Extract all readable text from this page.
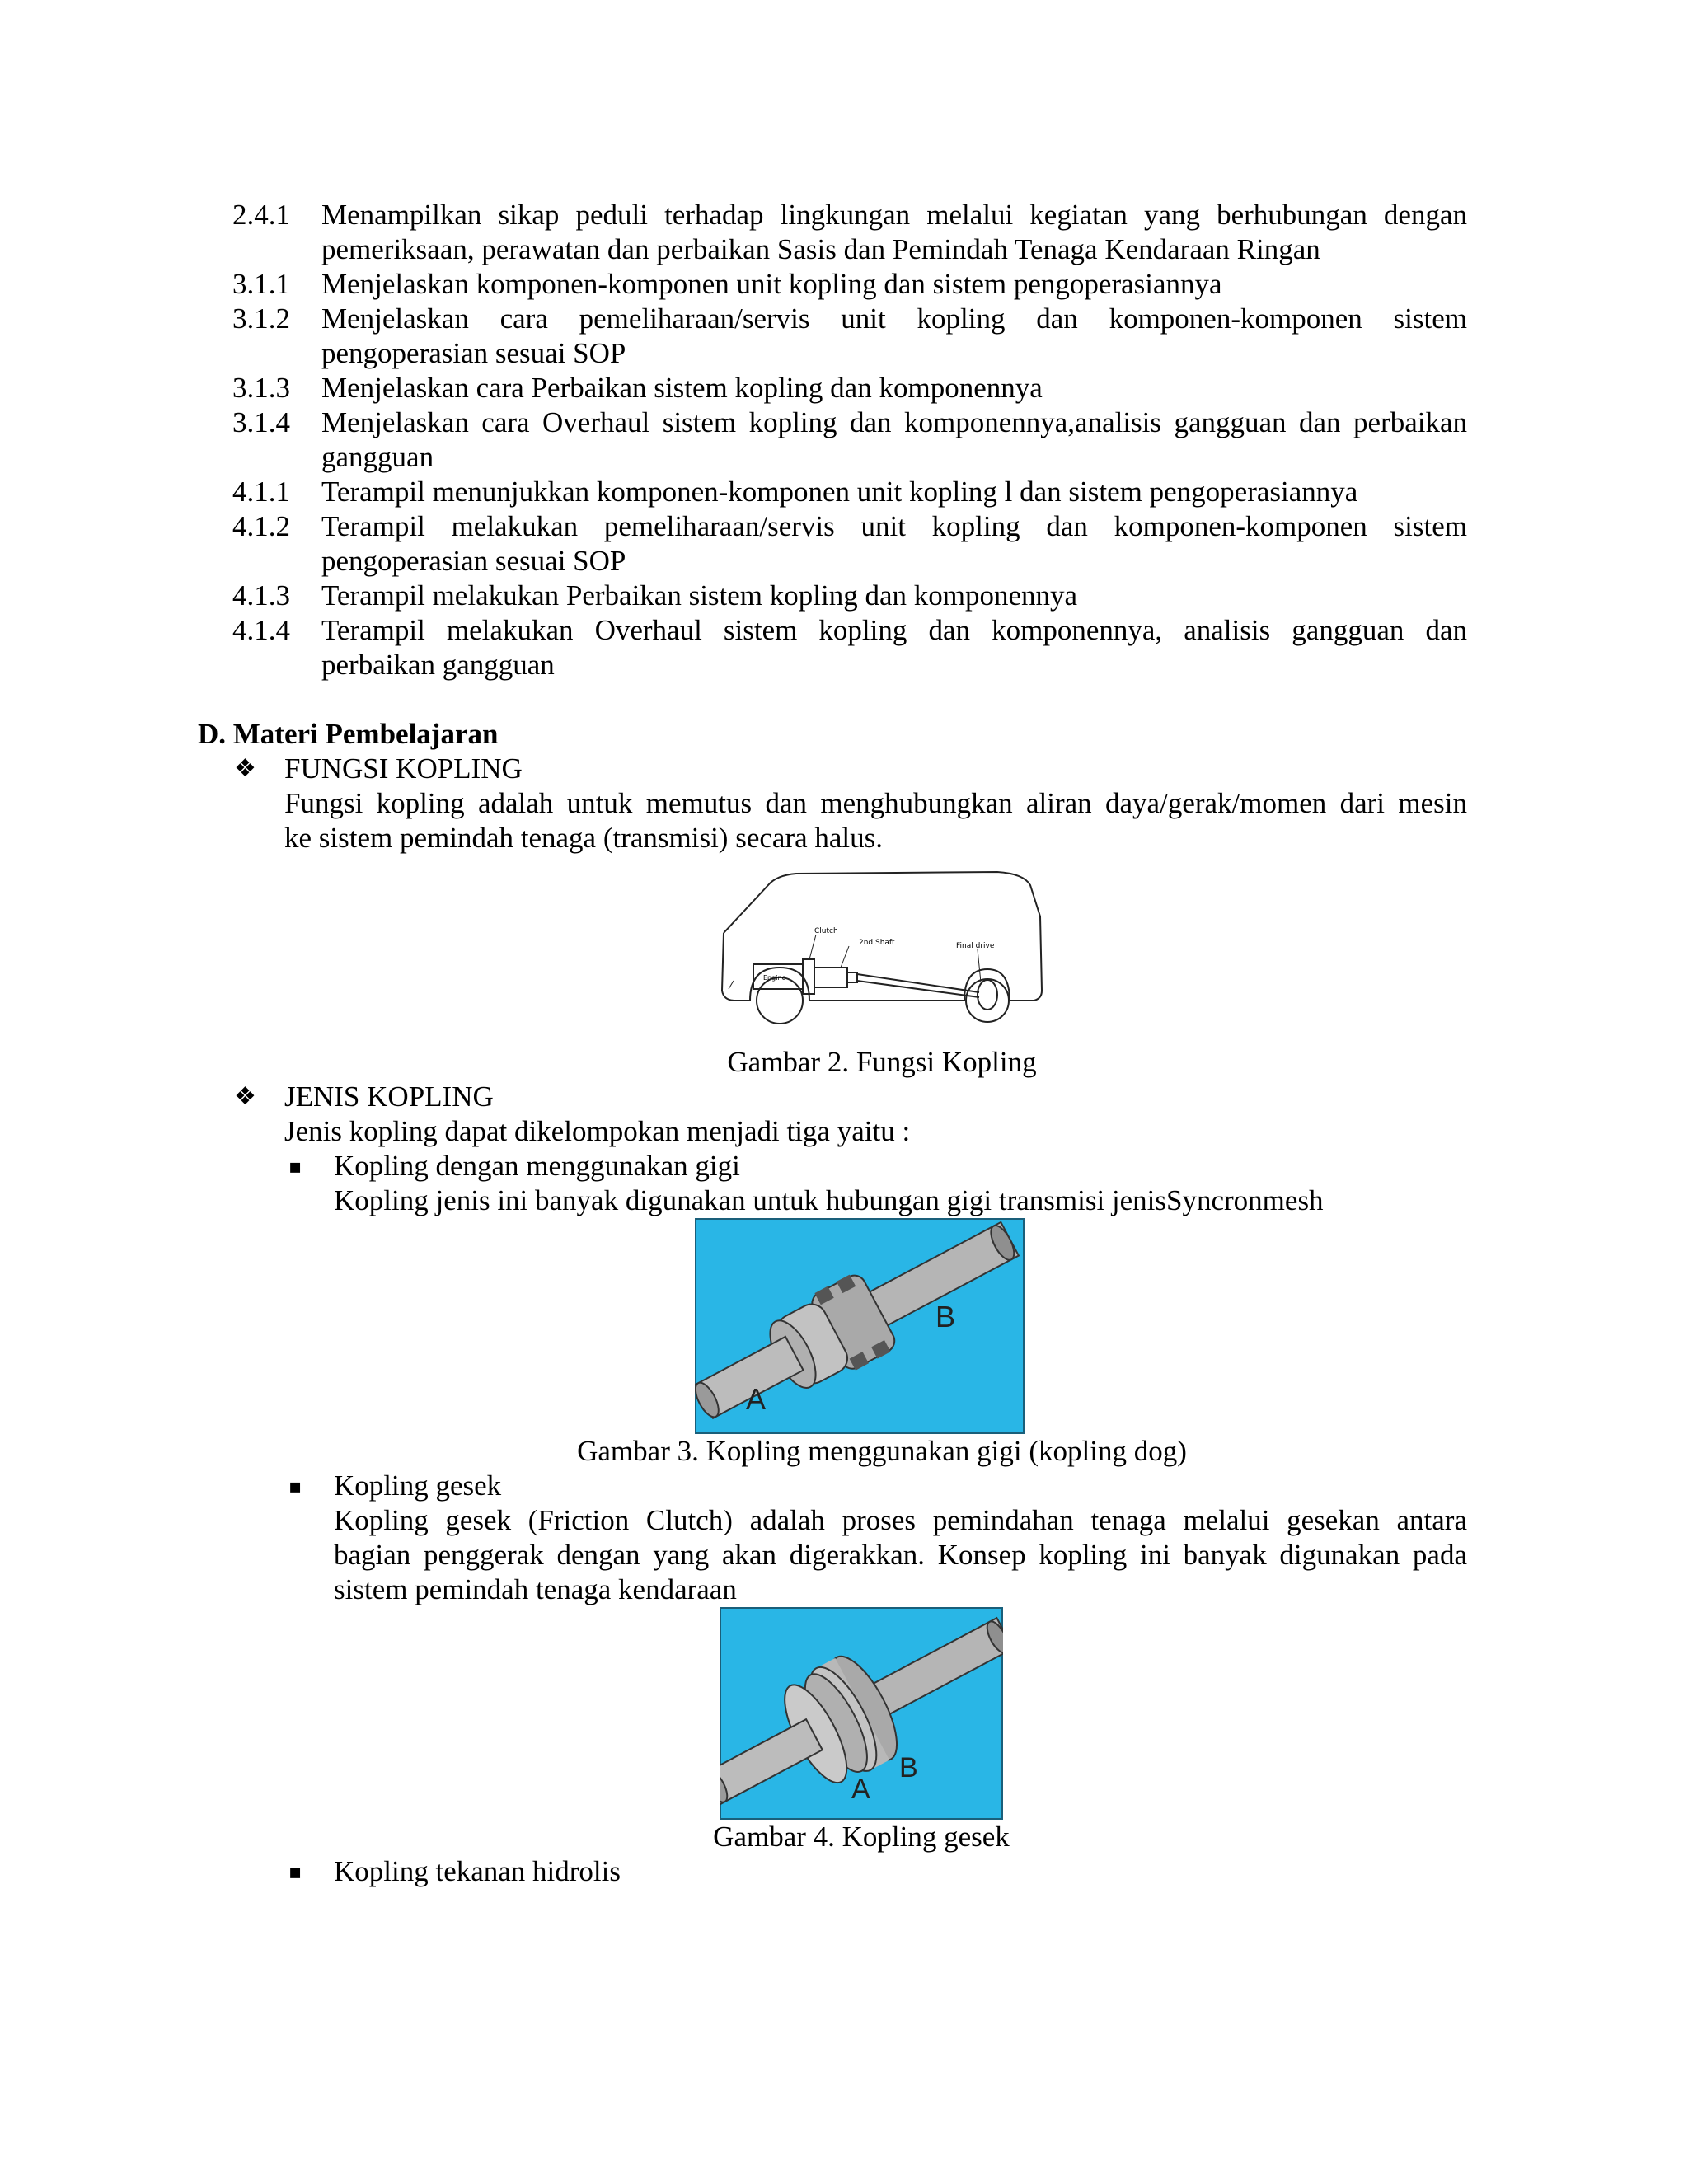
2.4.1 Menampilkan sikap peduli terhadap lingkungan melalui kegiatan yang berhubungan dengan
pemeriksaan, perawatan dan perbaikan Sasis dan Pemindah Tenaga Kendaraan Ringan
3.1.1 Menjelaskan komponen-komponen unit kopling dan sistem pengoperasiannya
3.1.2 Menjelaskan cara pemeliharaan/servis unit kopling dan komponen-komponen sistem
pengoperasian sesuai SOP
3.1.3 Menjelaskan cara Perbaikan sistem kopling dan komponennya
3.1.4 Menjelaskan cara Overhaul sistem kopling dan komponennya,analisis gangguan dan perbaikan
gangguan
4.1.1 Terampil menunjukkan komponen-komponen unit kopling l dan sistem pengoperasiannya
4.1.2 Terampil melakukan pemeliharaan/servis unit kopling dan komponen-komponen sistem
pengoperasian sesuai SOP
4.1.3 Terampil melakukan Perbaikan sistem kopling dan komponennya
4.1.4 Terampil melakukan Overhaul sistem kopling dan komponennya, analisis gangguan dan
perbaikan gangguan
D. Materi Pembelajaran
❖ FUNGSI KOPLING
Fungsi kopling adalah untuk memutus dan menghubungkan aliran daya/gerak/momen dari mesin
ke sistem pemindah tenaga (transmisi) secara halus.
Clutch
2nd Shaft	Final drive
Engine
Gambar 2. Fungsi Kopling
❖ JENIS KOPLING
Jenis kopling dapat dikelompokan menjadi tiga yaitu :
▪ Kopling dengan menggunakan gigi
Kopling jenis ini banyak digunakan untuk hubungan gigi transmisi jenisSyncronmesh
B
A
Gambar 3. Kopling menggunakan gigi (kopling dog)
▪ Kopling gesek
Kopling gesek (Friction Clutch) adalah proses pemindahan tenaga melalui gesekan antara
bagian penggerak dengan yang akan digerakkan. Konsep kopling ini banyak digunakan pada
sistem pemindah tenaga kendaraan
B
A
Gambar 4. Kopling gesek
▪ Kopling tekanan hidrolis
